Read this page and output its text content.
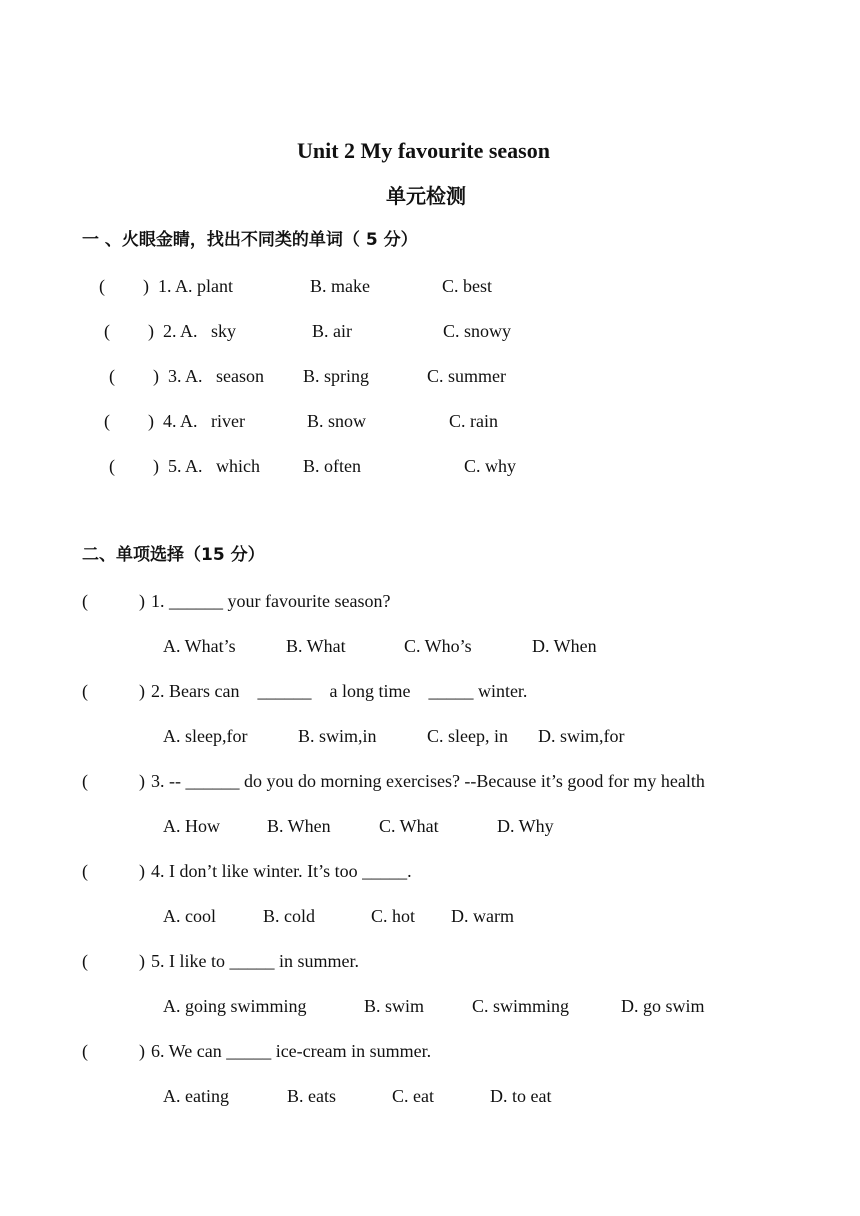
Unit 2 My favourite season
单元检测
一 、火眼金睛，找出不同类的单词（ 5 分）
( ) 1. A. plant	B. make	C. best
( ) 2. A.   sky	B. air	C. snowy
( ) 3. A.   season B. spring	C. summer
( ) 4. A.   river	B. snow	C. rain
( ) 5. A.   which B. often	C. why
二、单项选择（15 分）
(	) 1. ______ your favourite season?
A. What’s	B. What	C. Who’s	D. When
(	) 2. Bears can    ______    a long time    _____ winter.
A. sleep,for	B. swim,in	C. sleep, in D. swim,for
(	) 3. -- ______ do you do morning exercises? --Because it’s good for my health
A. How	B. When	C. What	D. Why
(	) 4. I don’t like winter. It’s too _____.
A. cool	B. cold	C. hot D. warm
(	) 5. I like to _____ in summer.
A. going swimming	B. swim	C. swimming	D. go swim
(	) 6. We can _____ ice-cream in summer.
A. eating	B. eats	C. eat	D. to eat
